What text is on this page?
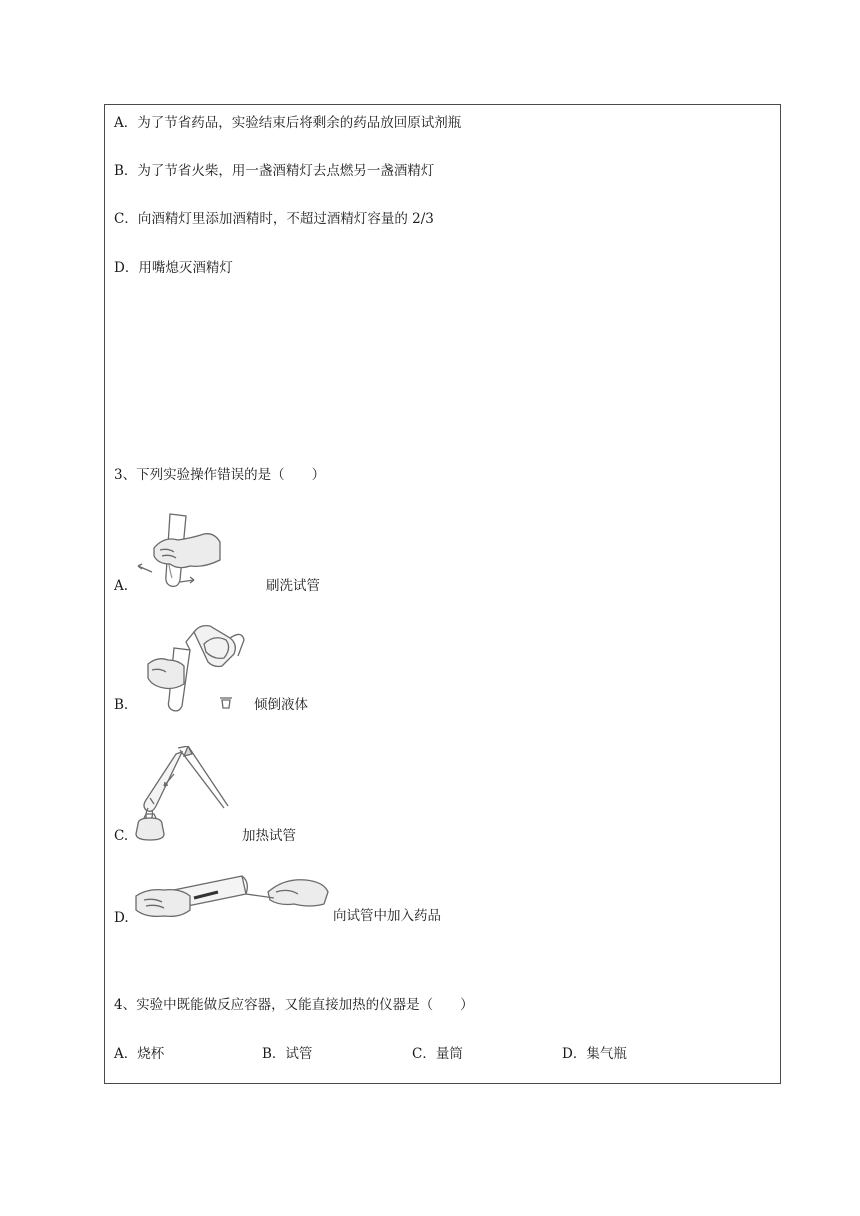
A．为了节省药品，实验结束后将剩余的药品放回原试剂瓶
B．为了节省火柴，用一盏酒精灯去点燃另一盏酒精灯
C．向酒精灯里添加酒精时，不超过酒精灯容量的 2/3
D．用嘴熄灭酒精灯
3、下列实验操作错误的是（　　）
A.	刷洗试管
B.	倾倒液体
C.	加热试管
D.	向试管中加入药品
4、实验中既能做反应容器，又能直接加热的仪器是（　　）
A．烧杯	B．试管	C．量筒	D．集气瓶
